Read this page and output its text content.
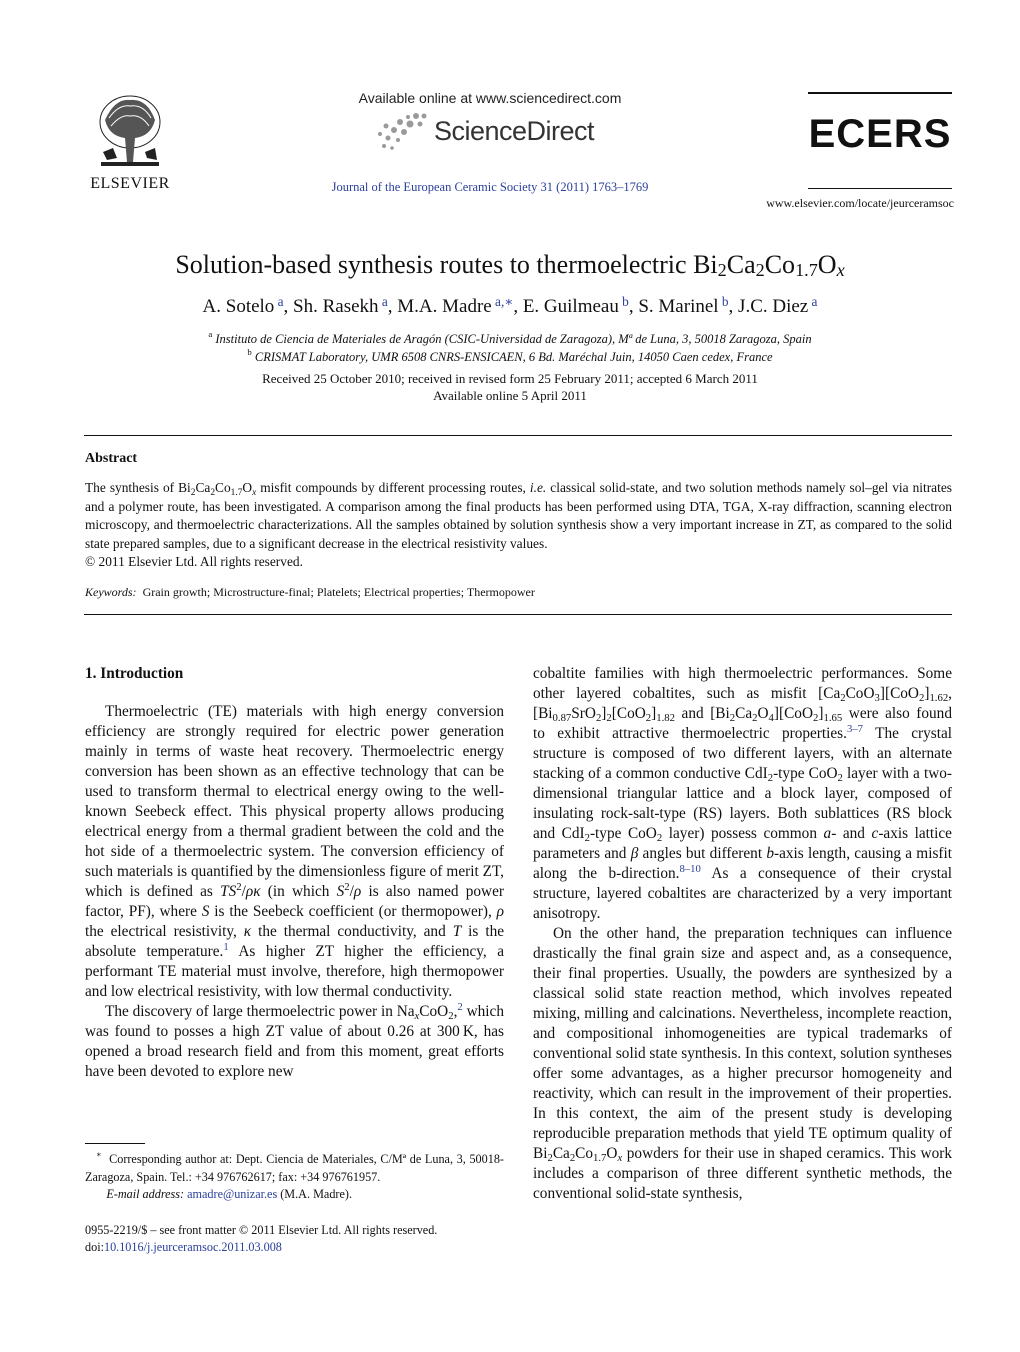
ELSEVIER
Available online at www.sciencedirect.com
ScienceDirect
Journal of the European Ceramic Society 31 (2011) 1763–1769
ECERS
www.elsevier.com/locate/jeurceramsoc
Solution-based synthesis routes to thermoelectric $Bi_2Ca_2Co_{1.7}O_x$
A. Sotelo $^a$, Sh. Rasekh $^a$, M.A. Madre $^{a,∗}$, E. Guilmeau $^b$, S. Marinel $^b$, J.C. Diez $^a$
$^a$ Instituto de Ciencia de Materiales de Aragón (CSIC-Universidad de Zaragoza), Mª de Luna, 3, 50018 Zaragoza, Spain
$^b$ CRISMAT Laboratory, UMR 6508 CNRS-ENSICAEN, 6 Bd. Maréchal Juin, 14050 Caen cedex, France
Received 25 October 2010; received in revised form 25 February 2011; accepted 6 March 2011
Available online 5 April 2011
Abstract
The synthesis of $Bi_2Ca_2Co_{1.7}O_x$ misfit compounds by different processing routes, i.e. classical solid-state, and two solution methods namely sol–gel via nitrates and a polymer route, has been investigated. A comparison among the final products has been performed using DTA, TGA, X-ray diffraction, scanning electron microscopy, and thermoelectric characterizations. All the samples obtained by solution synthesis show a very important increase in ZT, as compared to the solid state prepared samples, due to a significant decrease in the electrical resistivity values.
© 2011 Elsevier Ltd. All rights reserved.
Keywords: Grain growth; Microstructure-final; Platelets; Electrical properties; Thermopower
1. Introduction

Thermoelectric (TE) materials with high energy conversion efficiency are strongly required for electric power generation mainly in terms of waste heat recovery. Thermoelectric energy conversion has been shown as an effective technology that can be used to transform thermal to electrical energy owing to the well-known Seebeck effect. This physical property allows producing electrical energy from a thermal gradient between the cold and the hot side of a thermoelectric system. The conversion efficiency of such materials is quantified by the dimensionless figure of merit ZT, which is defined as $TS^2/\rho\kappa$ (in which $S^2/\rho$ is also named power factor, PF), where S is the Seebeck coefficient (or thermopower), ρ the electrical resistivity, κ the thermal conductivity, and T is the absolute temperature.$^1$ As higher ZT higher the efficiency, a performant TE material must involve, therefore, high thermopower and low electrical resistivity, with low thermal conductivity.

The discovery of large thermoelectric power in $Na_xCoO_2,^2$ which was found to posses a high ZT value of about 0.26 at 300 K, has opened a broad research field and from this moment, great efforts have been devoted to explore new

cobaltite families with high thermoelectric performances. Some other layered cobaltites, such as misfit $[Ca_2CoO_3][CoO_2]_{1.62}$, $[Bi_{0.87}SrO_2]_2[CoO_2]_{1.82}$ and $[Bi_2Ca_2O_4][CoO_2]_{1.65}$ were also found to exhibit attractive thermoelectric properties.$^{3-7}$ The crystal structure is composed of two different layers, with an alternate stacking of a common conductive CdI$_2$-type CoO$_2$ layer with a two-dimensional triangular lattice and a block layer, composed of insulating rock-salt-type (RS) layers. Both sublattices (RS block and CdI$_2$-type CoO$_2$ layer) possess common a- and c-axis lattice parameters and β angles but different b-axis length, causing a misfit along the b-direction.$^{8-10}$ As a consequence of their crystal structure, layered cobaltites are characterized by a very important anisotropy.

On the other hand, the preparation techniques can influence drastically the final grain size and aspect and, as a consequence, their final properties. Usually, the powders are synthesized by a classical solid state reaction method, which involves repeated mixing, milling and calcinations. Nevertheless, incomplete reaction, and compositional inhomogeneities are typical trademarks of conventional solid state synthesis. In this context, solution syntheses offer some advantages, as a higher precursor homogeneity and reactivity, which can result in the improvement of their properties. In this context, the aim of the present study is developing reproducible preparation methods that yield TE optimum quality of $Bi_2Ca_2Co_{1.7}O_x$ powders for their use in shaped ceramics. This work includes a comparison of three different synthetic methods, the conventional solid-state synthesis,

∗ Corresponding author at: Dept. Ciencia de Materiales, C/Mª de Luna, 3, 50018-Zaragoza, Spain. Tel.: +34 976762617; fax: +34 976761957.
E-mail address: amadre@unizar.es (M.A. Madre).
0955-2219/$ – see front matter © 2011 Elsevier Ltd. All rights reserved.
doi:10.1016/j.jeurceramsoc.2011.03.008
